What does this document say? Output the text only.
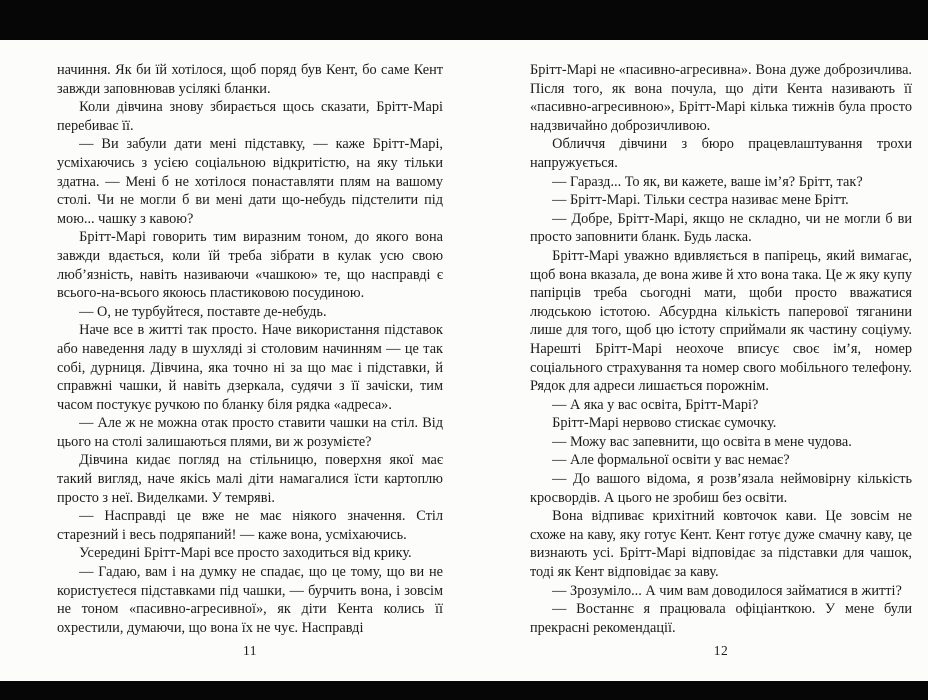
начиння. Як би їй хотілося, щоб поряд був Кент, бо саме Кент завжди заповнював усілякі бланки.

Коли дівчина знову збирається щось сказати, Брітт-Марі перебиває її.

— Ви забули дати мені підставку, — каже Брітт-Марі, усміхаючись з усією соціальною відкритістю, на яку тільки здатна. — Мені б не хотілося понаставляти плям на вашому столі. Чи не могли б ви мені дати що-небудь підстелити під мою... чашку з кавою?

Брітт-Марі говорить тим виразним тоном, до якого вона завжди вдається, коли їй треба зібрати в кулак усю свою люб’язність, навіть називаючи «чашкою» те, що насправді є всього-на-всього якоюсь пластиковою посудиною.

— О, не турбуйтеся, поставте де-небудь.

Наче все в житті так просто. Наче використання підставок або наведення ладу в шухляді зі столовим начинням — це так собі, дурниця. Дівчина, яка точно ні за що має і підставки, й справжні чашки, й навіть дзеркала, судячи з її зачіски, тим часом постукує ручкою по бланку біля рядка «адреса».

— Але ж не можна отак просто ставити чашки на стіл. Від цього на столі залишаються плями, ви ж розумієте?

Дівчина кидає погляд на стільницю, поверхня якої має такий вигляд, наче якісь малі діти намагалися їсти картоплю просто з неї. Виделками. У темряві.

— Насправді це вже не має ніякого значення. Стіл старезний і весь подряпаний! — каже вона, усміхаючись.

Усередині Брітт-Марі все просто заходиться від крику.

— Гадаю, вам і на думку не спадає, що це тому, що ви не користуєтеся підставками під чашки, — бурчить вона, і зовсім не тоном «пасивно-агресивної», як діти Кента колись її охрестили, думаючи, що вона їх не чує. Насправді

11

Брітт-Марі не «пасивно-агресивна». Вона дуже доброзичлива. Після того, як вона почула, що діти Кента називають її «пасивно-агресивною», Брітт-Марі кілька тижнів була просто надзвичайно доброзичливою.

Обличчя дівчини з бюро працевлаштування трохи напружується.

— Гаразд... То як, ви кажете, ваше ім’я? Брітт, так?

— Брітт-Марі. Тільки сестра називає мене Брітт.

— Добре, Брітт-Марі, якщо не складно, чи не могли б ви просто заповнити бланк. Будь ласка.

Брітт-Марі уважно вдивляється в папірець, який вимагає, щоб вона вказала, де вона живе й хто вона така. Це ж яку купу папірців треба сьогодні мати, щоби просто вважатися людською істотою. Абсурдна кількість паперової тяганини лише для того, щоб цю істоту сприймали як частину соціуму. Нарешті Брітт-Марі неохоче вписує своє ім’я, номер соціального страхування та номер свого мобільного телефону. Рядок для адреси лишається порожнім.

— А яка у вас освіта, Брітт-Марі?

Брітт-Марі нервово стискає сумочку.

— Можу вас запевнити, що освіта в мене чудова.

— Але формальної освіти у вас немає?

— До вашого відома, я розв’язала неймовірну кількість кросвордів. А цього не зробиш без освіти.

Вона відпиває крихітний ковточок кави. Це зовсім не схоже на каву, яку готує Кент. Кент готує дуже смачну каву, це визнають усі. Брітт-Марі відповідає за підставки для чашок, тоді як Кент відповідає за каву.

— Зрозуміло... А чим вам доводилося займатися в житті?

— Востаннє я працювала офіціанткою. У мене були прекрасні рекомендації.

12
